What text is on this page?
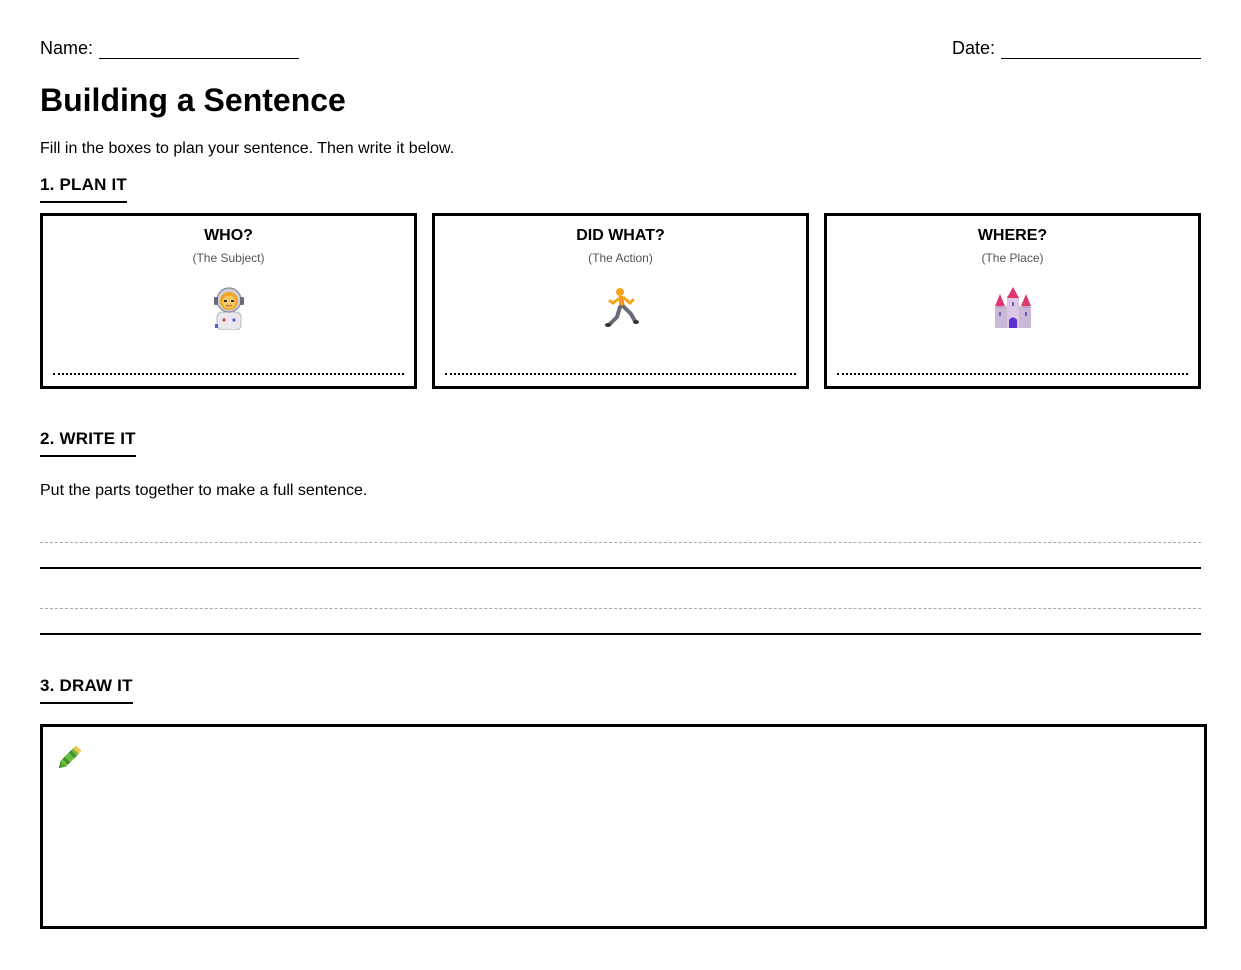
Name:	Date:
Building a Sentence
Fill in the boxes to plan your sentence. Then write it below.
1. PLAN IT
WHO?
(The Subject)
DID WHAT?
(The Action)
WHERE?
(The Place)
2. WRITE IT
Put the parts together to make a full sentence.
3. DRAW IT
